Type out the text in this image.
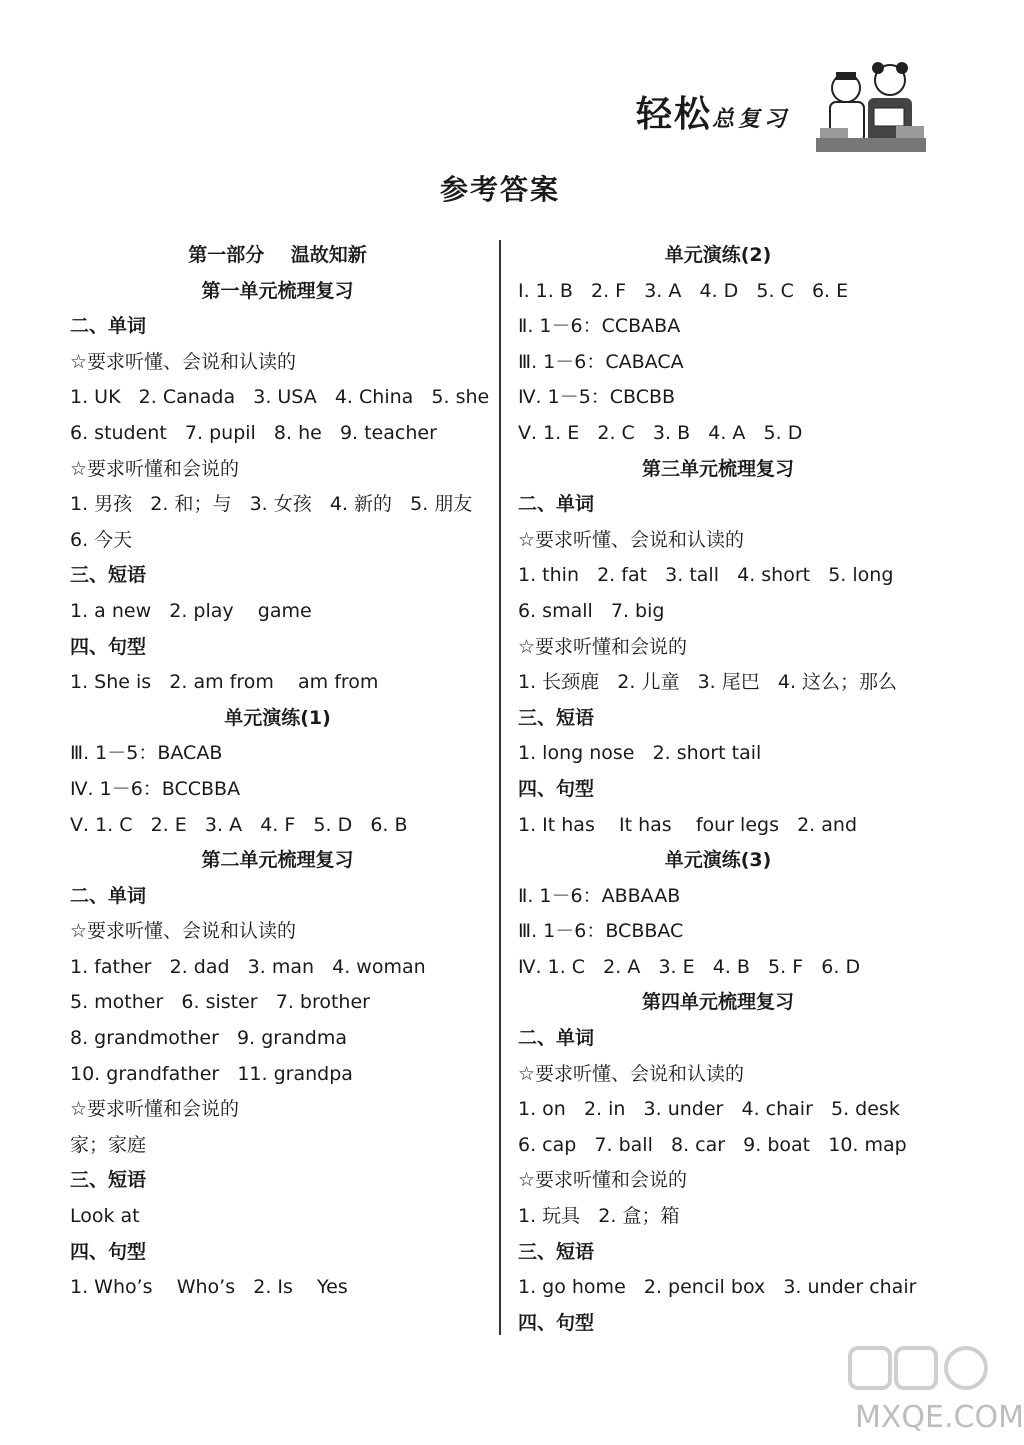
轻松总复习
参考答案
第一部分    温故知新
第一单元梳理复习
二、单词
☆要求听懂、会说和认读的
1. UK   2. Canada   3. USA   4. China   5. she
6. student   7. pupil   8. he   9. teacher
☆要求听懂和会说的
1. 男孩   2. 和；与   3. 女孩   4. 新的   5. 朋友
6. 今天
三、短语
1. a new   2. play    game
四、句型
1. She is   2. am from    am from
单元演练(1)
Ⅲ. 1－5：BACAB
Ⅳ. 1－6：BCCBBA
Ⅴ. 1. C   2. E   3. A   4. F   5. D   6. B
第二单元梳理复习
二、单词
☆要求听懂、会说和认读的
1. father   2. dad   3. man   4. woman
5. mother   6. sister   7. brother
8. grandmother   9. grandma
10. grandfather   11. grandpa
☆要求听懂和会说的
家；家庭
三、短语
Look at
四、句型
1. Who’s    Who’s   2. Is    Yes
单元演练(2)
Ⅰ. 1. B   2. F   3. A   4. D   5. C   6. E
Ⅱ. 1－6：CCBABA
Ⅲ. 1－6：CABACA
Ⅳ. 1－5：CBCBB
Ⅴ. 1. E   2. C   3. B   4. A   5. D
第三单元梳理复习
二、单词
☆要求听懂、会说和认读的
1. thin   2. fat   3. tall   4. short   5. long
6. small   7. big
☆要求听懂和会说的
1. 长颈鹿   2. 儿童   3. 尾巴   4. 这么；那么
三、短语
1. long nose   2. short tail
四、句型
1. It has    It has    four legs   2. and
单元演练(3)
Ⅱ. 1－6：ABBAAB
Ⅲ. 1－6：BCBBAC
Ⅳ. 1. C   2. A   3. E   4. B   5. F   6. D
第四单元梳理复习
二、单词
☆要求听懂、会说和认读的
1. on   2. in   3. under   4. chair   5. desk
6. cap   7. ball   8. car   9. boat   10. map
☆要求听懂和会说的
1. 玩具   2. 盒；箱
三、短语
1. go home   2. pencil box   3. under chair
四、句型
MXQE.COM
